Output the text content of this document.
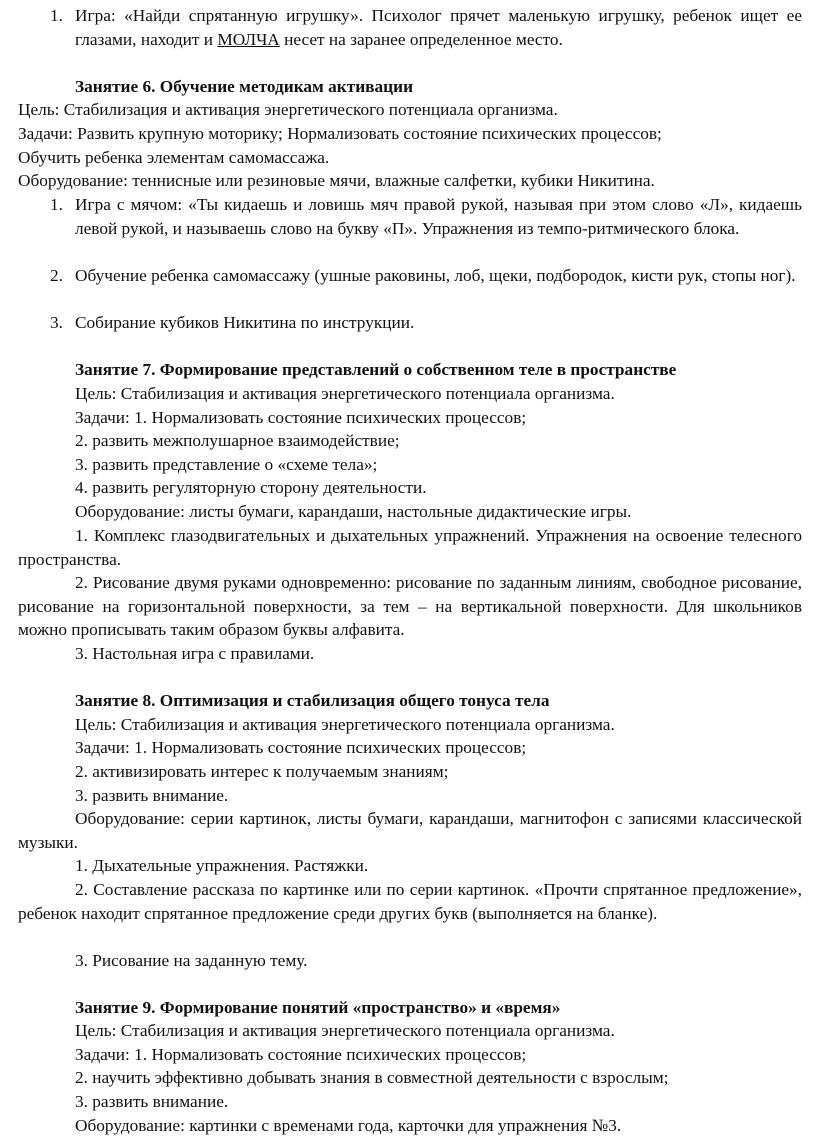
1. Игра: «Найди спрятанную игрушку». Психолог прячет маленькую игрушку, ребенок ищет ее глазами, находит и МОЛЧА несет на заранее определенное место.

Занятие 6. Обучение методикам активации

Цель: Стабилизация и активация энергетического потенциала организма.

Задачи: Развить крупную моторику; Нормализовать состояние психических процессов;

Обучить ребенка элементам самомассажа.

Оборудование: теннисные или резиновые мячи, влажные салфетки, кубики Никитина.

1. Игра с мячом: «Ты кидаешь и ловишь мяч правой рукой, называя при этом слово «Л», кидаешь левой рукой, и называешь слово на букву «П». Упражнения из темпо-ритмического блока.

2. Обучение ребенка самомассажу (ушные раковины, лоб, щеки, подбородок, кисти рук, стопы ног).

3. Собирание кубиков Никитина по инструкции.

Занятие 7. Формирование представлений о собственном теле в пространстве

Цель: Стабилизация и активация энергетического потенциала организма.

Задачи: 1. Нормализовать состояние психических процессов;

2. развить межполушарное взаимодействие;

3. развить представление о «схеме тела»;

4. развить регуляторную сторону деятельности.

Оборудование: листы бумаги, карандаши, настольные дидактические игры.

1. Комплекс глазодвигательных и дыхательных упражнений. Упражнения на освоение телесного пространства.

2. Рисование двумя руками одновременно: рисование по заданным линиям, свободное рисование, рисование на горизонтальной поверхности, за тем – на вертикальной поверхности. Для школьников можно прописывать таким образом буквы алфавита.

3. Настольная игра с правилами.

Занятие 8. Оптимизация и стабилизация общего тонуса тела

Цель: Стабилизация и активация энергетического потенциала организма.

Задачи: 1. Нормализовать состояние психических процессов;

2. активизировать интерес к получаемым знаниям;

3. развить внимание.

Оборудование: серии картинок, листы бумаги, карандаши, магнитофон с записями классической музыки.

1. Дыхательные упражнения. Растяжки.

2. Составление рассказа по картинке или по серии картинок. «Прочти спрятанное предложение», ребенок находит спрятанное предложение среди других букв (выполняется на бланке).

3. Рисование на заданную тему.

Занятие 9. Формирование понятий «пространство» и «время»

Цель: Стабилизация и активация энергетического потенциала организма.

Задачи: 1. Нормализовать состояние психических процессов;

2. научить эффективно добывать знания в совместной деятельности с взрослым;

3. развить внимание.

Оборудование: картинки с временами года, карточки для упражнения №3.
